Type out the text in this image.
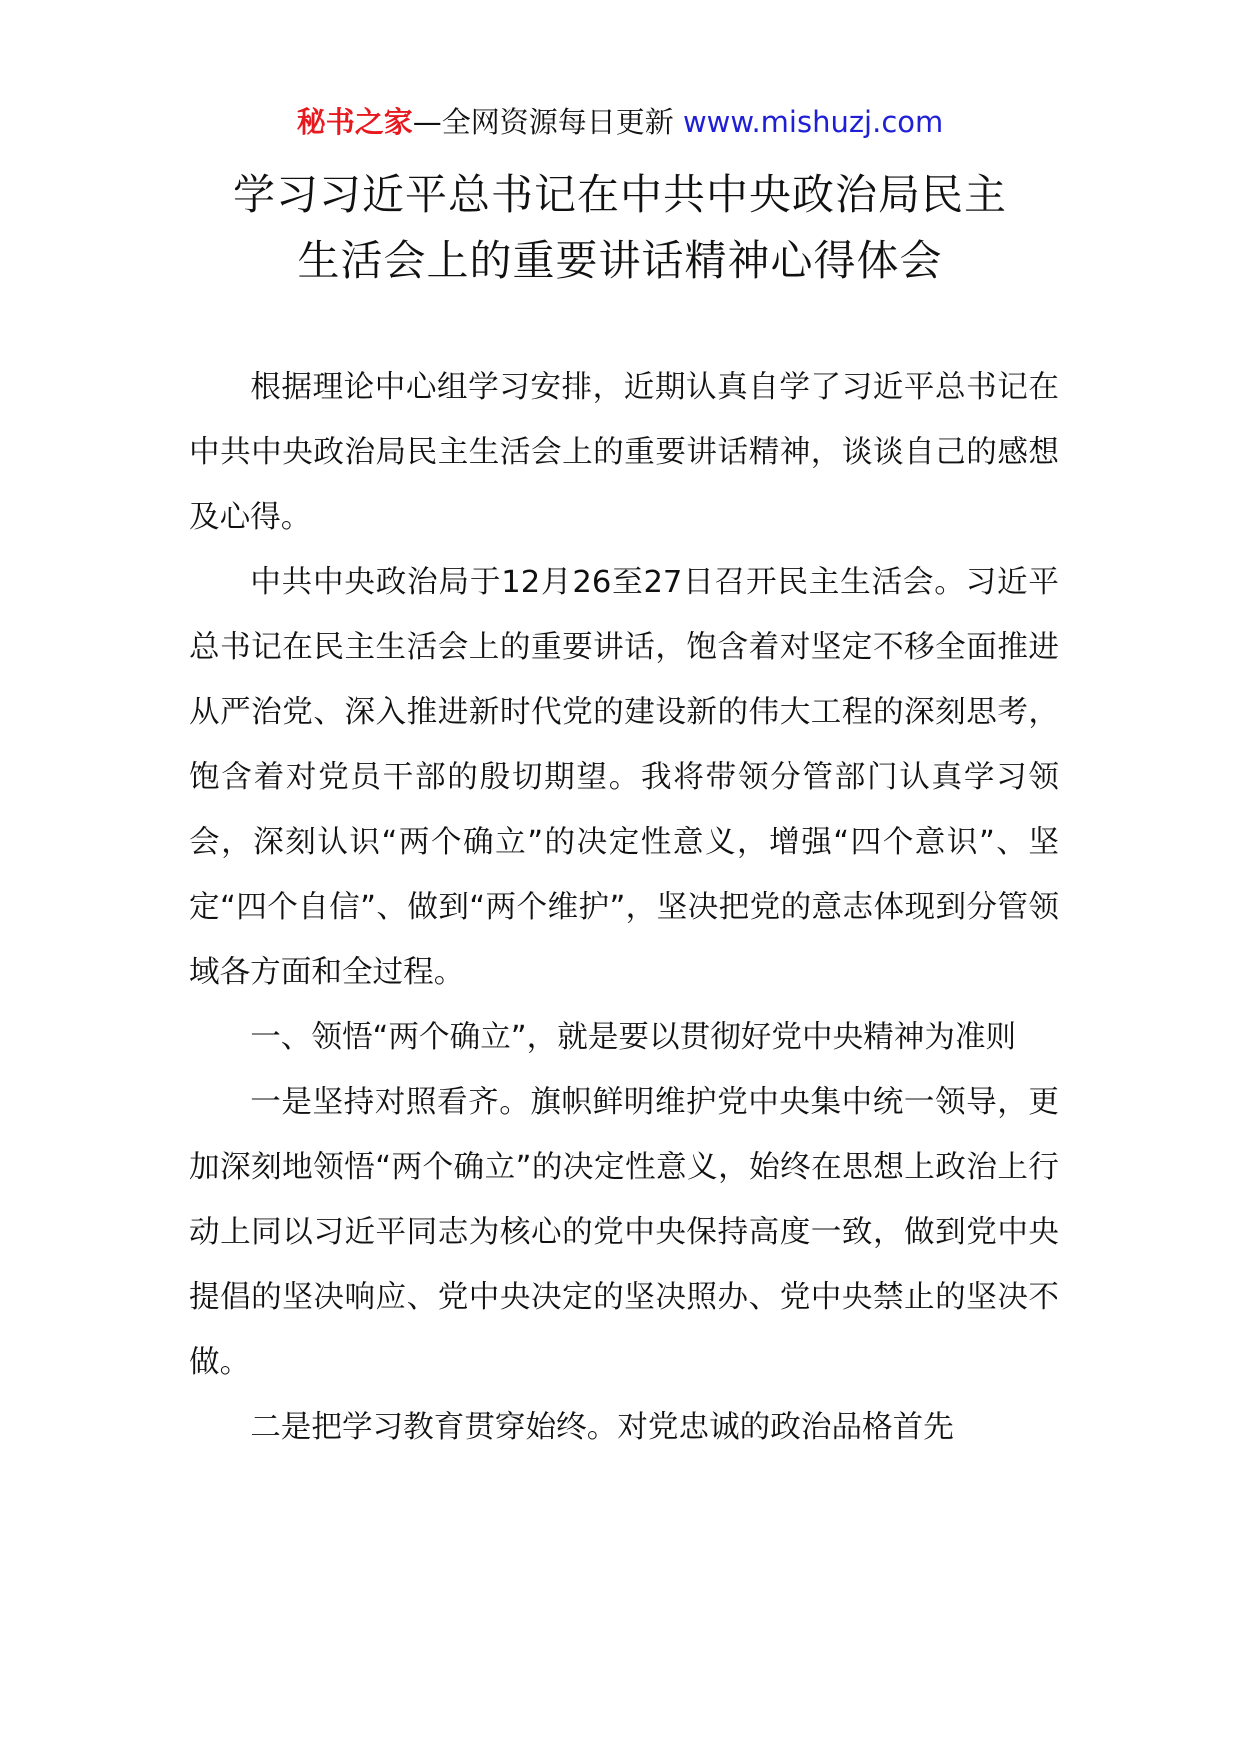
秘书之家—全网资源每日更新 www.mishuzj.com
学习习近平总书记在中共中央政治局民主
生活会上的重要讲话精神心得体会

根据理论中心组学习安排，近期认真自学了习近平总书记在中共中央政治局民主生活会上的重要讲话精神，谈谈自己的感想及心得。

中共中央政治局于12月26至27日召开民主生活会。习近平总书记在民主生活会上的重要讲话，饱含着对坚定不移全面推进从严治党、深入推进新时代党的建设新的伟大工程的深刻思考，饱含着对党员干部的殷切期望。我将带领分管部门认真学习领会，深刻认识“两个确立”的决定性意义，增强“四个意识”、坚定“四个自信”、做到“两个维护”，坚决把党的意志体现到分管领域各方面和全过程。

一、领悟“两个确立”，就是要以贯彻好党中央精神为准则

一是坚持对照看齐。旗帜鲜明维护党中央集中统一领导，更加深刻地领悟“两个确立”的决定性意义，始终在思想上政治上行动上同以习近平同志为核心的党中央保持高度一致，做到党中央提倡的坚决响应、党中央决定的坚决照办、党中央禁止的坚决不做。

二是把学习教育贯穿始终。对党忠诚的政治品格首先
